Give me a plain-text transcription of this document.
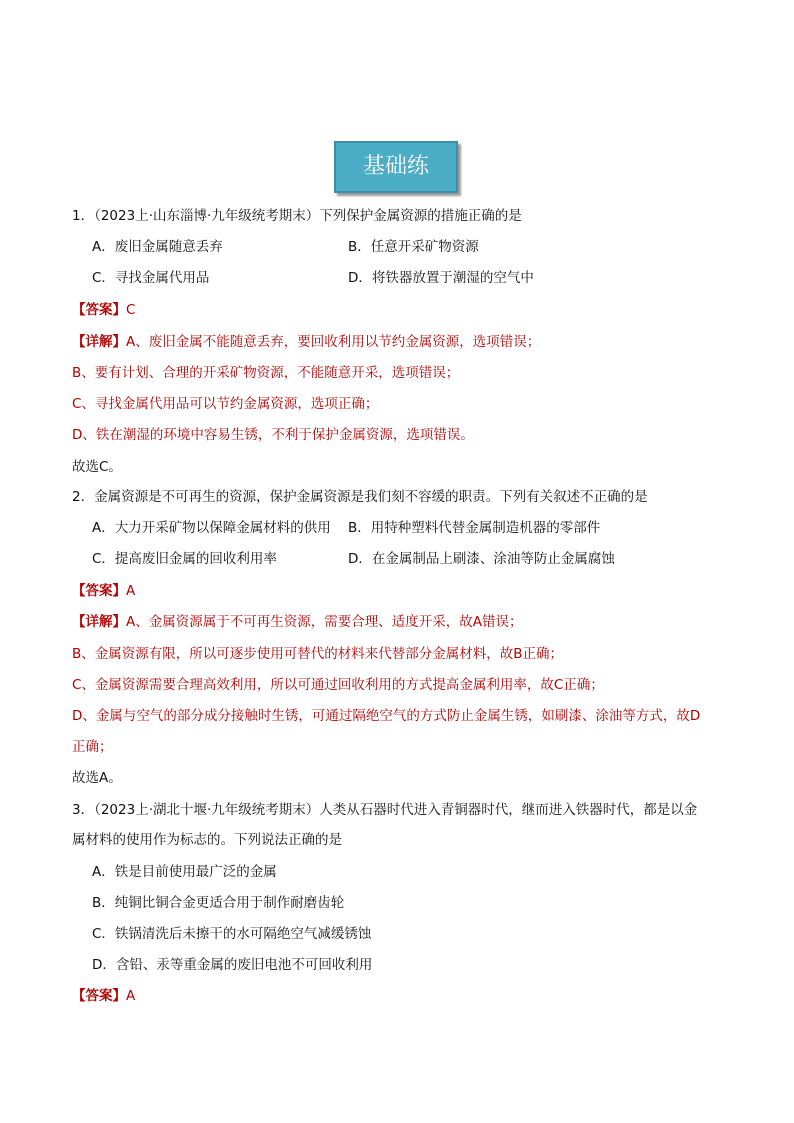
基础练
1．（2023上·山东淄博·九年级统考期末）下列保护金属资源的措施正确的是
A．废旧金属随意丢弃	B．任意开采矿物资源
C．寻找金属代用品	D．将铁器放置于潮湿的空气中
【答案】C
【详解】A、废旧金属不能随意丢弃，要回收利用以节约金属资源，选项错误；
B、要有计划、合理的开采矿物资源，不能随意开采，选项错误；
C、寻找金属代用品可以节约金属资源，选项正确；
D、铁在潮湿的环境中容易生锈，不利于保护金属资源，选项错误。
故选C。
2．金属资源是不可再生的资源，保护金属资源是我们刻不容缓的职责。下列有关叙述不正确的是
A．大力开采矿物以保障金属材料的供用	B．用特种塑料代替金属制造机器的零部件
C．提高废旧金属的回收利用率	D．在金属制品上刷漆、涂油等防止金属腐蚀
【答案】A
【详解】A、金属资源属于不可再生资源，需要合理、适度开采，故A错误；
B、金属资源有限，所以可逐步使用可替代的材料来代替部分金属材料，故B正确；
C、金属资源需要合理高效利用，所以可通过回收利用的方式提高金属利用率，故C正确；
D、金属与空气的部分成分接触时生锈，可通过隔绝空气的方式防止金属生锈，如刷漆、涂油等方式，故D
正确；
故选A。
3．（2023上·湖北十堰·九年级统考期末）人类从石器时代进入青铜器时代，继而进入铁器时代，都是以金
属材料的使用作为标志的。下列说法正确的是
A．铁是目前使用最广泛的金属
B．纯铜比铜合金更适合用于制作耐磨齿轮
C．铁锅清洗后未擦干的水可隔绝空气减缓锈蚀
D．含铅、汞等重金属的废旧电池不可回收利用
【答案】A
